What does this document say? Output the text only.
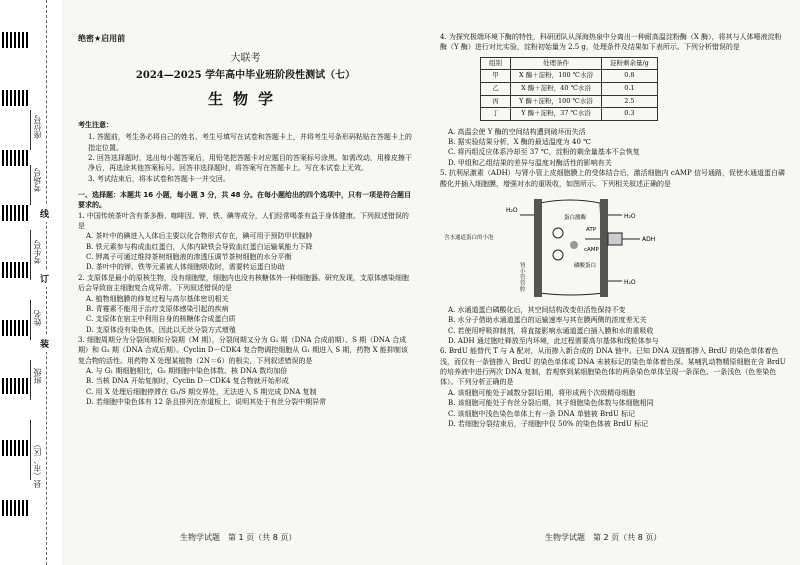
座位号
考场号
考生号
姓名
班级
县（市、区）
线
订
装
绝密★启用前
大联考
2024—2025 学年高中毕业班阶段性测试（七）
生物学

考生注意：

1. 答题前，考生务必将自己的姓名、考生号填写在试卷和答题卡上，并将考生号条形码粘贴在答题卡上的指定位置。

2. 回答选择题时，选出每小题答案后，用铅笔把答题卡对应题目的答案标号涂黑。如需改动，用橡皮擦干净后，再选涂其他答案标号。回答非选择题时，将答案写在答题卡上。写在本试卷上无效。

3. 考试结束后，将本试卷和答题卡一并交回。

一、选择题：本题共 16 小题，每小题 3 分，共 48 分。在每小题给出的四个选项中，只有一项是符合题目要求的。

1. 中国传统茶叶含有茶多酚、咖啡因、钾、铁、碘等成分，人们经常喝茶有益于身体健康。下列叙述错误的是

A. 茶叶中的碘进入人体后主要以化合物形式存在，碘可用于预防甲状腺肿

B. 铁元素参与构成血红蛋白，人体内缺铁会导致血红蛋白运输氧能力下降

C. 钾离子可通过维持茶树细胞液的渗透压调节茶树细胞的水分平衡

D. 茶叶中的钾、铁等元素被人体细胞吸收时，需要转运蛋白协助

2. 支原体是最小的原核生物，没有细胞壁，细胞内也没有核糖体外一种细胞器。研究发现，支原体感染细胞后会导致宿主细胞复合成异常。下列叙述错误的是

A. 植物细胞膜的修复过程与高尔基体密切相关

B. 青霉素不能用于治疗支原体感染引起的疾病

C. 支原体在宿主中利用自身的核糖体合成蛋白质

D. 支原体没有染色体，因此以无丝分裂方式增殖

3. 细胞周期分为分裂间期和分裂期（M 期），分裂间期又分为 G₁ 期（DNA 合成前期）、S 期（DNA 合成期）和 G₂ 期（DNA 合成后期）。Cyclin D－CDK4 复合物调控细胞从 G₁ 期进入 S 期，药物 X 能抑制该复合物的活性。用药物 X 处理某植物（2N＝6）的根尖，下列叙述错误的是

A. 与 G₁ 期细胞相比，G₂ 期细胞中染色体数、核 DNA 数均加倍

B. 当核 DNA 开始复制时，Cyclin D－CDK4 复合物就开始形成

C. 用 X 处理后细胞停滞在 G₁/S 期交界处，无法进入 S 期完成 DNA 复制

D. 若细胞中染色体有 12 条且排列在赤道板上，说明其处于有丝分裂中期异常

4. 为探究极端环境下酶的特性，科研团队从深海热泉中分离出一种耐高温淀粉酶（X 酶），将其与人体唾液淀粉酶（Y 酶）进行对比实验，淀粉初始量为 2.5 g，处理条件及结果如下表所示。下列分析错误的是

组别	处理条件	淀粉剩余量/g
甲	X 酶＋淀粉，100 ℃水浴	0.8
乙	X 酶＋淀粉，40 ℃水浴	0.1
丙	Y 酶＋淀粉，100 ℃水浴	2.5
丁	Y 酶＋淀粉，37 ℃水浴	0.3

A. 高温会使 Y 酶的空间结构遭到破坏而失活

B. 据实验结果分析，X 酶的最适温度为 40 ℃

C. 将丙组反应体系冷却至 37 ℃，淀粉的剩余量基本不会恢复

D. 甲组和乙组结果的差异与温度对酶活性的影响有关

5. 抗利尿激素（ADH）与肾小管上皮细胞膜上的受体结合后，激活细胞内 cAMP 信号通路，促使水通道蛋白磷酸化并插入细胞膜，增强对水的重吸收，如图所示。下列相关叙述正确的是

H₂O
H₂O
H₂O
蛋白激酶
磷酸蛋白
ATP
cAMP
ADH
含水通道蛋白的小泡
肾小管管腔

A. 水通道蛋白磷酸化后，其空间结构改变但活性保持不变

B. 水分子借助水通道蛋白的运输速率与其在膜两侧的浓度差无关

C. 若使用呼吸抑制剂，将直接影响水通道蛋白插入膜和水的重吸收

D. ADH 通过胞吐释放至内环境，此过程需要高尔基体和线粒体参与

6. BrdU 能替代 T 与 A 配对，从而掺入新合成的 DNA 链中。已知 DNA 双链都掺入 BrdU 的染色单体着色浅，而仅有一条链掺入 BrdU 的染色单体或 DNA 未被标记的染色单体着色深。某哺乳动物精原细胞在含 BrdU 的培养液中进行两次 DNA 复制，若观察到某细胞染色体的两条染色单体呈现一条深色、一条浅色（色差染色体）。下列分析正确的是

A. 该细胞可能处于减数分裂Ⅰ后期，将形成两个次级精母细胞

B. 该细胞可能处于有丝分裂后期，其子细胞染色体数与体细胞相同

C. 该细胞中浅色染色单体上有一条 DNA 单链被 BrdU 标记

D. 若细胞分裂结束后，子细胞中仅 50% 的染色体被 BrdU 标记

生物学试题　第 1 页（共 8 页）	生物学试题　第 2 页（共 8 页）
